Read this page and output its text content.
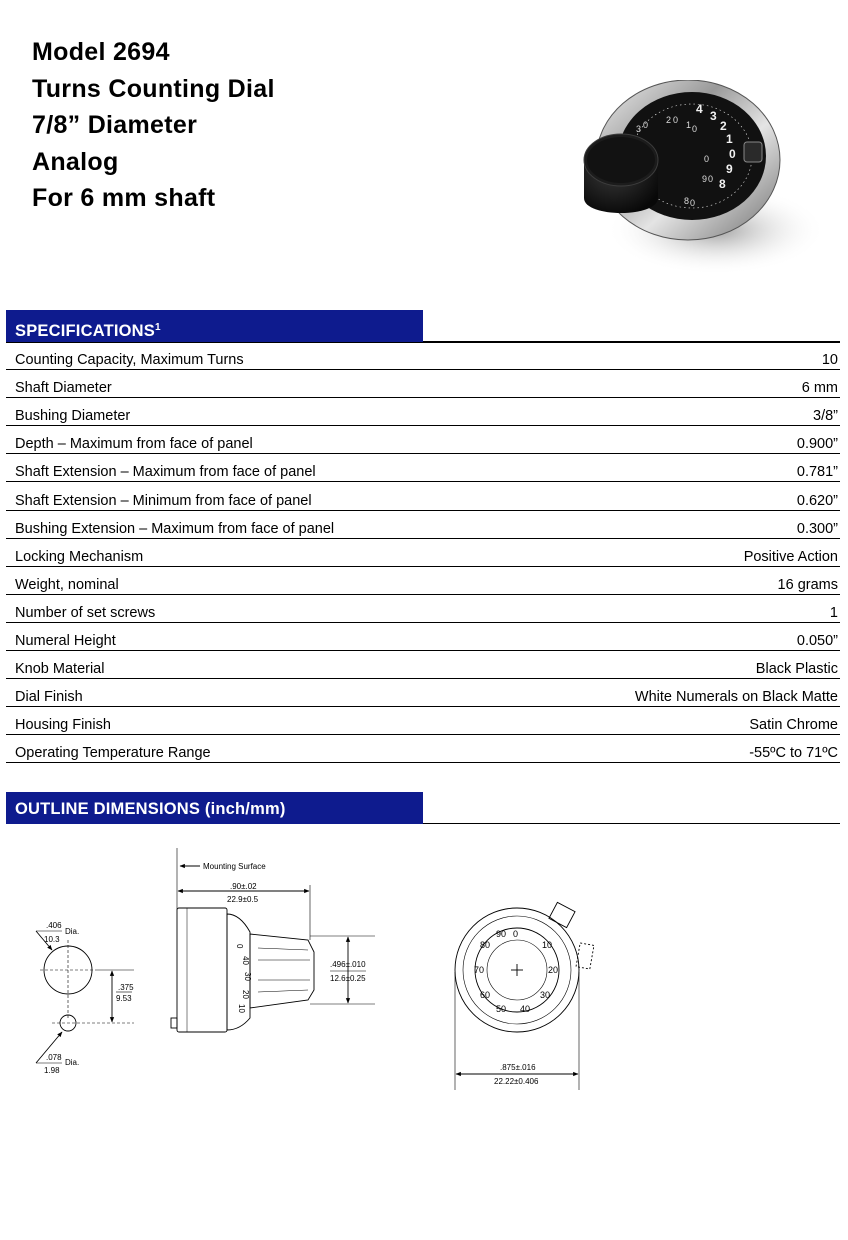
Model 2694
Turns Counting Dial
7/8” Diameter
Analog
For 6 mm shaft
4 3
2
1
0
9
8
3 0 2 0 1 0
0
9 0
8 0
SPECIFICATIONS$^1$
Counting Capacity, Maximum Turns	10
Shaft Diameter	6 mm
Bushing Diameter	3/8”
Depth – Maximum from face of panel	0.900”
Shaft Extension – Maximum from face of panel	0.781”
Shaft Extension – Minimum from face of panel	0.620”
Bushing Extension – Maximum from face of panel	0.300”
Locking Mechanism	Positive Action
Weight, nominal	16 grams
Number of set screws	1
Numeral Height	0.050”
Knob Material	Black Plastic
Dial Finish	White Numerals on Black Matte
Housing Finish	Satin Chrome
Operating Temperature Range	-55ºC to 71ºC
OUTLINE DIMENSIONS (inch/mm)
.406
10.3
Dia.
.375
9.53
.078
1.98
Dia.
Mounting Surface
.90±.02
22.9±0.5
.496±.010
12.6±0.25
0
40
30
20
10
0
10
20
30
40
50
60
70
80
90
.875±.016
22.22±0.406
